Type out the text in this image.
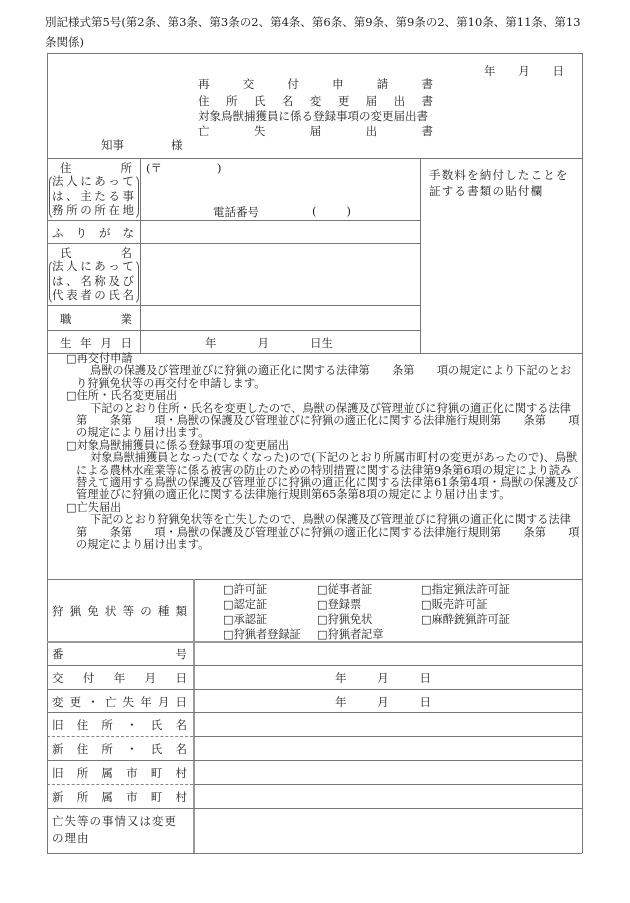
別記様式第5号(第2条、第3条、第3条の2、第4条、第6条、第9条、第9条の2、第10条、第11条、第13条関係)
年 月 日
再	交	付	申	請	書
住 所 氏 名 変 更 届 出 書
対象鳥獣捕獲員に係る登録事項の変更届出書
亡	失	届	出	書
知事	様
住	所
法人にあって
は、主たる事
務所の所在地
(〒	)
電話番号	(	)
ふ り が な
氏	名
法人にあって
は、名称及び
代表者の氏名
職	業
生 年 月 日	年	月	日生
手数料を納付したことを
証する書類の貼付欄

□再交付申請

鳥獣の保護及び管理並びに狩猟の適正化に関する法律第　　条第　　項の規定により下記のとおり狩猟免状等の再交付を申請します。

□住所・氏名変更届出

下記のとおり住所・氏名を変更したので、鳥獣の保護及び管理並びに狩猟の適正化に関する法律第　　条第　　項・鳥獣の保護及び管理並びに狩猟の適正化に関する法律施行規則第　　条第　　項の規定により届け出ます。

□対象鳥獣捕獲員に係る登録事項の変更届出

対象鳥獣捕獲員となった(でなくなった)ので(下記のとおり所属市町村の変更があったので)、鳥獣による農林水産業等に係る被害の防止のための特別措置に関する法律第9条第6項の規定により読み替えて適用する鳥獣の保護及び管理並びに狩猟の適正化に関する法律第61条第4項・鳥獣の保護及び管理並びに狩猟の適正化に関する法律施行規則第65条第8項の規定により届け出ます。

□亡失届出

下記のとおり狩猟免状等を亡失したので、鳥獣の保護及び管理並びに狩猟の適正化に関する法律第　　条第　　項・鳥獣の保護及び管理並びに狩猟の適正化に関する法律施行規則第　　条第　　項の規定により届け出ます。

狩 猟 免 状 等 の 種 類
□許可証	□従事者証	□指定猟法許可証
□認定証	□登録票	□販売許可証
□承認証	□狩猟免状	□麻酔銃猟許可証
□狩猟者登録証 □狩猟者記章
番	号
交 付 年 月 日	年	月	日
変 更 ・ 亡 失 年 月 日	年	月	日
旧 住 所 ・ 氏 名
新 住 所 ・ 氏 名
旧 所 属 市 町 村
新 所 属 市 町 村
亡失等の事情又は変更の理由
